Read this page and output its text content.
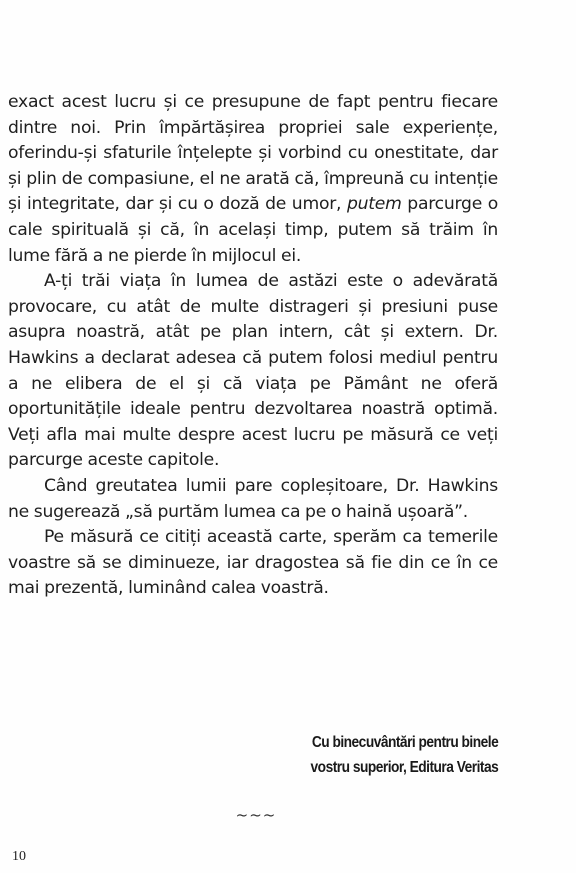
exact acest lucru și ce presupune de fapt pentru fiecare dintre noi. Prin împărtășirea propriei sale experiențe, oferindu-și sfaturile înțelepte și vorbind cu onestitate, dar și plin de compasiune, el ne arată că, împreună cu intenție și integritate, dar și cu o doză de umor, putem parcurge o cale spirituală și că, în același timp, putem să trăim în lume fără a ne pierde în mijlocul ei.

A-ți trăi viața în lumea de astăzi este o adevărată provocare, cu atât de multe distrageri și presiuni puse asupra noastră, atât pe plan intern, cât și extern. Dr. Hawkins a declarat adesea că putem folosi mediul pentru a ne elibera de el și că viața pe Pământ ne oferă oportunitățile ideale pentru dezvoltarea noastră optimă. Veți afla mai multe despre acest lucru pe măsură ce veți parcurge aceste capitole.

Când greutatea lumii pare copleșitoare, Dr. Hawkins ne sugerează „să purtăm lumea ca pe o haină ușoară”.

Pe măsură ce citiți această carte, sperăm ca temerile voastre să se diminueze, iar dragostea să fie din ce în ce mai prezentă, luminând calea voastră.

Cu binecuvântări pentru binele
vostru superior, Editura Veritas
~~~
10
